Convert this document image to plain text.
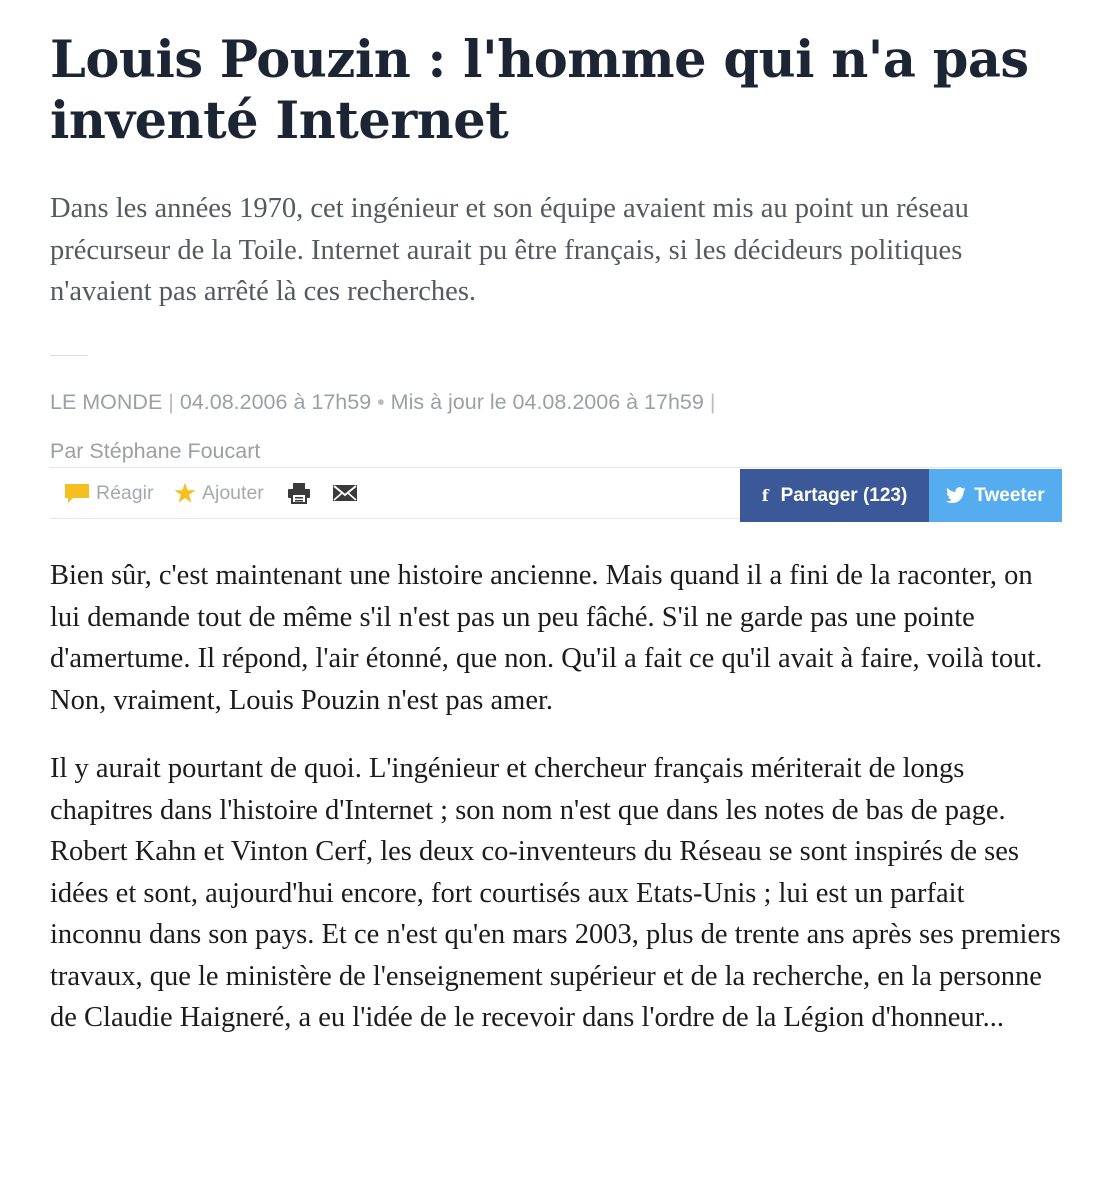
Louis Pouzin : l'homme qui n'a pas inventé Internet

Dans les années 1970, cet ingénieur et son équipe avaient mis au point un réseau précurseur de la Toile. Internet aurait pu être français, si les décideurs politiques n'avaient pas arrêté là ces recherches.

LE MONDE | 04.08.2006 à 17h59 • Mis à jour le 04.08.2006 à 17h59 |
Par Stéphane Foucart
Réagir Ajouter	f Partager (123)	Tweeter

Bien sûr, c'est maintenant une histoire ancienne. Mais quand il a fini de la raconter, on lui demande tout de même s'il n'est pas un peu fâché. S'il ne garde pas une pointe d'amertume. Il répond, l'air étonné, que non. Qu'il a fait ce qu'il avait à faire, voilà tout. Non, vraiment, Louis Pouzin n'est pas amer.

Il y aurait pourtant de quoi. L'ingénieur et chercheur français mériterait de longs chapitres dans l'histoire d'Internet ; son nom n'est que dans les notes de bas de page. Robert Kahn et Vinton Cerf, les deux co-inventeurs du Réseau se sont inspirés de ses idées et sont, aujourd'hui encore, fort courtisés aux Etats-Unis ; lui est un parfait inconnu dans son pays. Et ce n'est qu'en mars 2003, plus de trente ans après ses premiers travaux, que le ministère de l'enseignement supérieur et de la recherche, en la personne de Claudie Haigneré, a eu l'idée de le recevoir dans l'ordre de la Légion d'honneur...
